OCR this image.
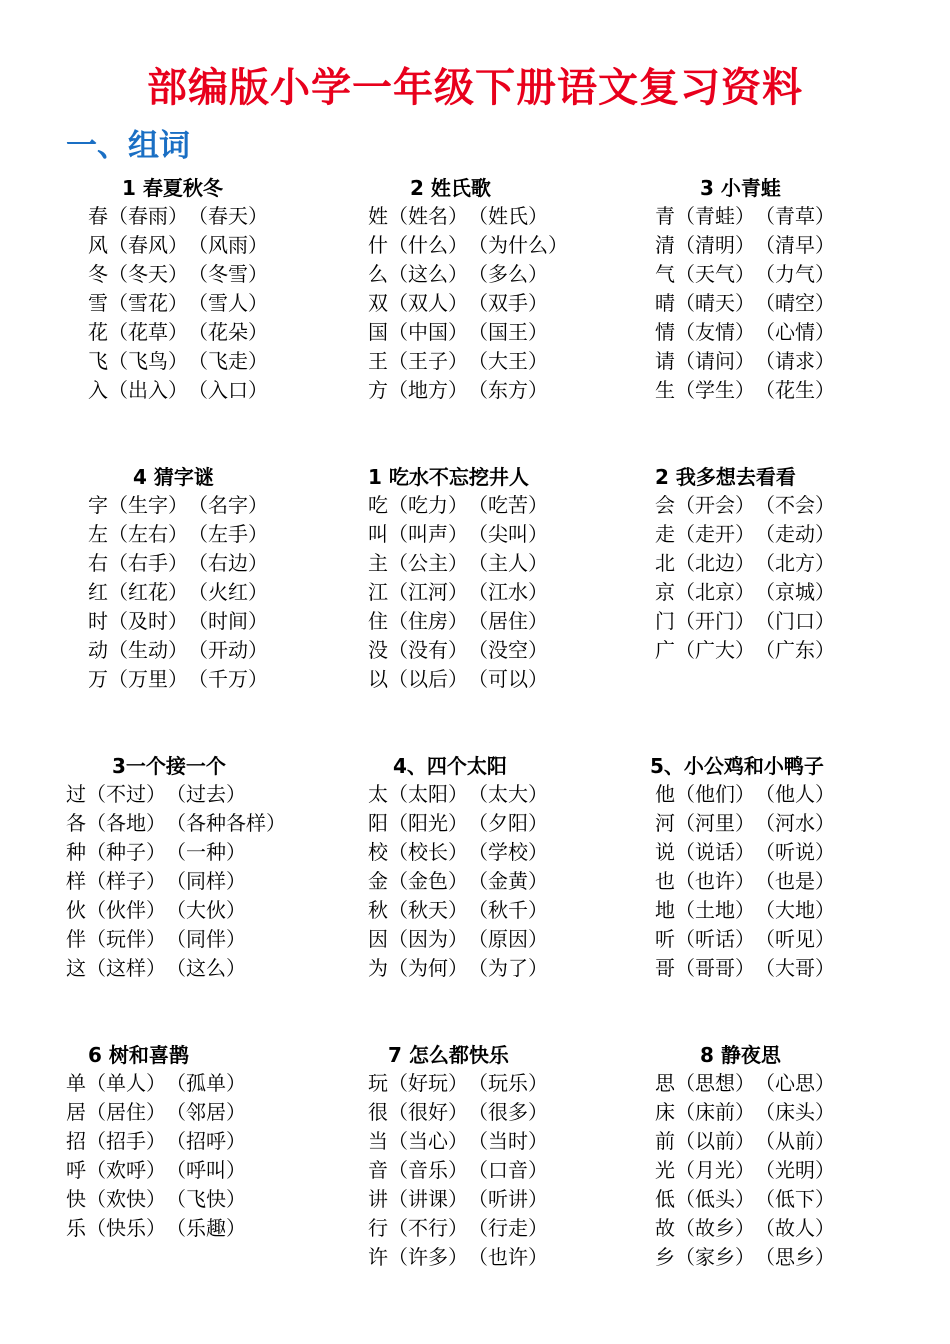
部编版小学一年级下册语文复习资料
一、组词
1 春夏秋冬
春 （春雨） （春天）
风 （春风） （风雨）
冬 （冬天） （冬雪）
雪 （雪花） （雪人）
花 （花草） （花朵）
飞 （飞鸟） （飞走）
入 （出入） （入口）
2 姓氏歌
姓 （姓名） （姓氏）
什 （什么） （为什么）
么 （这么） （多么）
双 （双人） （双手）
国 （中国） （国王）
王 （王子） （大王）
方 （地方） （东方）
3 小青蛙
青 （青蛙） （青草）
清 （清明） （清早）
气 （天气） （力气）
晴 （晴天） （晴空）
情 （友情） （心情）
请 （请问） （请求）
生 （学生） （花生）
4 猜字谜
字 （生字） （名字）
左 （左右） （左手）
右 （右手） （右边）
红 （红花） （火红）
时 （及时） （时间）
动 （生动） （开动）
万 （万里） （千万）
1 吃水不忘挖井人
吃 （吃力） （吃苦）
叫 （叫声） （尖叫）
主 （公主） （主人）
江 （江河） （江水）
住 （住房） （居住）
没 （没有） （没空）
以 （以后） （可以）
2 我多想去看看
会 （开会） （不会）
走 （走开） （走动）
北 （北边） （北方）
京 （北京） （京城）
门 （开门） （门口）
广 （广大） （广东）
3一个接一个
过 （不过） （过去）
各 （各地） （各种各样）
种 （种子） （一种）
样 （样子） （同样）
伙 （伙伴） （大伙）
伴 （玩伴） （同伴）
这 （这样） （这么）
4、四个太阳
太 （太阳） （太大）
阳 （阳光） （夕阳）
校 （校长） （学校）
金 （金色） （金黄）
秋 （秋天） （秋千）
因 （因为） （原因）
为 （为何） （为了）
5、小公鸡和小鸭子
他 （他们） （他人）
河 （河里） （河水）
说 （说话） （听说）
也 （也许） （也是）
地 （土地） （大地）
听 （听话） （听见）
哥 （哥哥） （大哥）
6 树和喜鹊
单 （单人） （孤单）
居 （居住） （邻居）
招 （招手） （招呼）
呼 （欢呼） （呼叫）
快 （欢快） （飞快）
乐 （快乐） （乐趣）
7 怎么都快乐
玩 （好玩） （玩乐）
很 （很好） （很多）
当 （当心） （当时）
音 （音乐） （口音）
讲 （讲课） （听讲）
行 （不行） （行走）
许 （许多） （也许）
8 静夜思
思 （思想） （心思）
床 （床前） （床头）
前 （以前） （从前）
光 （月光） （光明）
低 （低头） （低下）
故 （故乡） （故人）
乡 （家乡） （思乡）
